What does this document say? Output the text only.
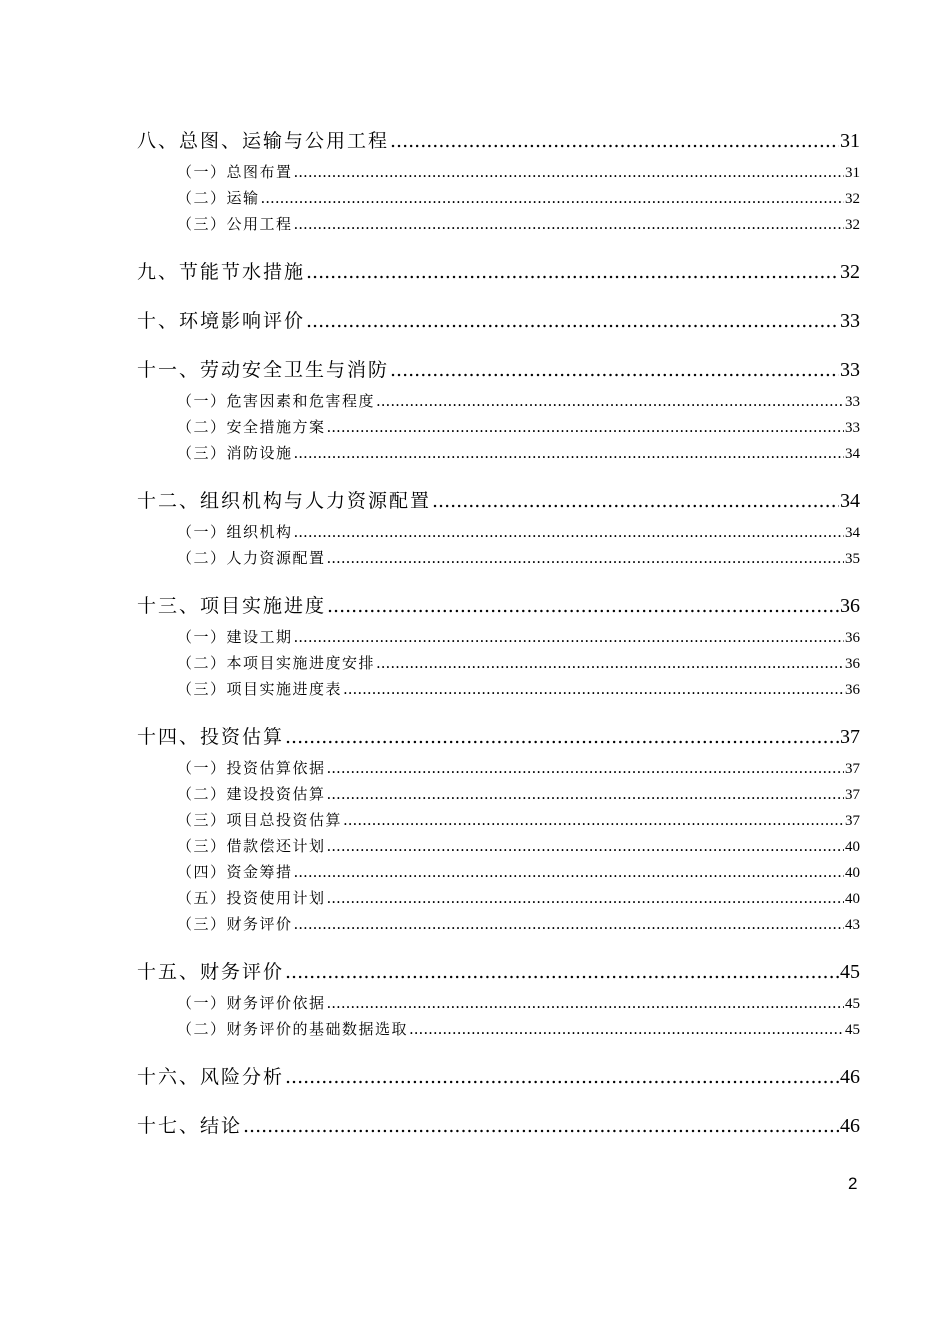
八、总图、运输与公用工程 .....	31
（一）总图布置 .....	31
（二）运输 .....	32
（三）公用工程 .....	32
九、节能节水措施 .....	32
十、环境影响评价 .....	33
十一、劳动安全卫生与消防 .....	33
（一）危害因素和危害程度 .....	33
（二）安全措施方案 .....	33
（三）消防设施 .....	34
十二、组织机构与人力资源配置 .....	34
（一）组织机构 .....	34
（二）人力资源配置 .....	35
十三、项目实施进度 .....	36
（一）建设工期 .....	36
（二）本项目实施进度安排 .....	36
（三）项目实施进度表 .....	36
十四、投资估算 .....	37
（一）投资估算依据 .....	37
（二）建设投资估算 .....	37
（三）项目总投资估算 .....	37
（三）借款偿还计划 .....	40
（四）资金筹措 .....	40
（五）投资使用计划 .....	40
（三）财务评价 .....	43
十五、财务评价 .....	45
（一）财务评价依据 .....	45
（二）财务评价的基础数据选取 .....	45
十六、风险分析 .....	46
十七、结论 .....	46
2
